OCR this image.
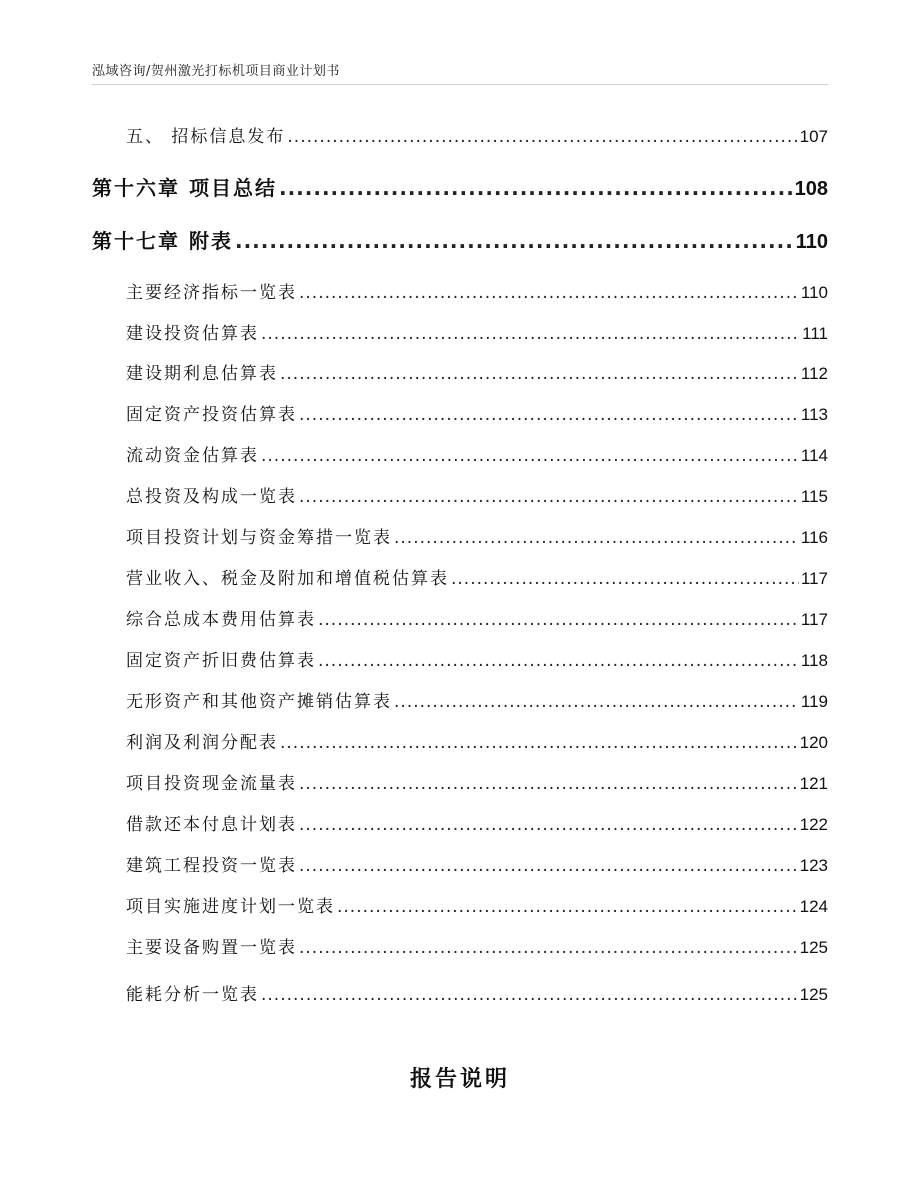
泓域咨询/贺州激光打标机项目商业计划书
五、 招标信息发布 .....	107
第十六章 项目总结 .....	108
第十七章 附表 .....	110
主要经济指标一览表 .....	110
建设投资估算表 .....	111
建设期利息估算表 .....	112
固定资产投资估算表 .....	113
流动资金估算表 .....	114
总投资及构成一览表 .....	115
项目投资计划与资金筹措一览表 .....	116
营业收入、税金及附加和增值税估算表 .....	117
综合总成本费用估算表 .....	117
固定资产折旧费估算表 .....	118
无形资产和其他资产摊销估算表 .....	119
利润及利润分配表 .....	120
项目投资现金流量表 .....	121
借款还本付息计划表 .....	122
建筑工程投资一览表 .....	123
项目实施进度计划一览表 .....	124
主要设备购置一览表 .....	125
能耗分析一览表 .....	125
报告说明
